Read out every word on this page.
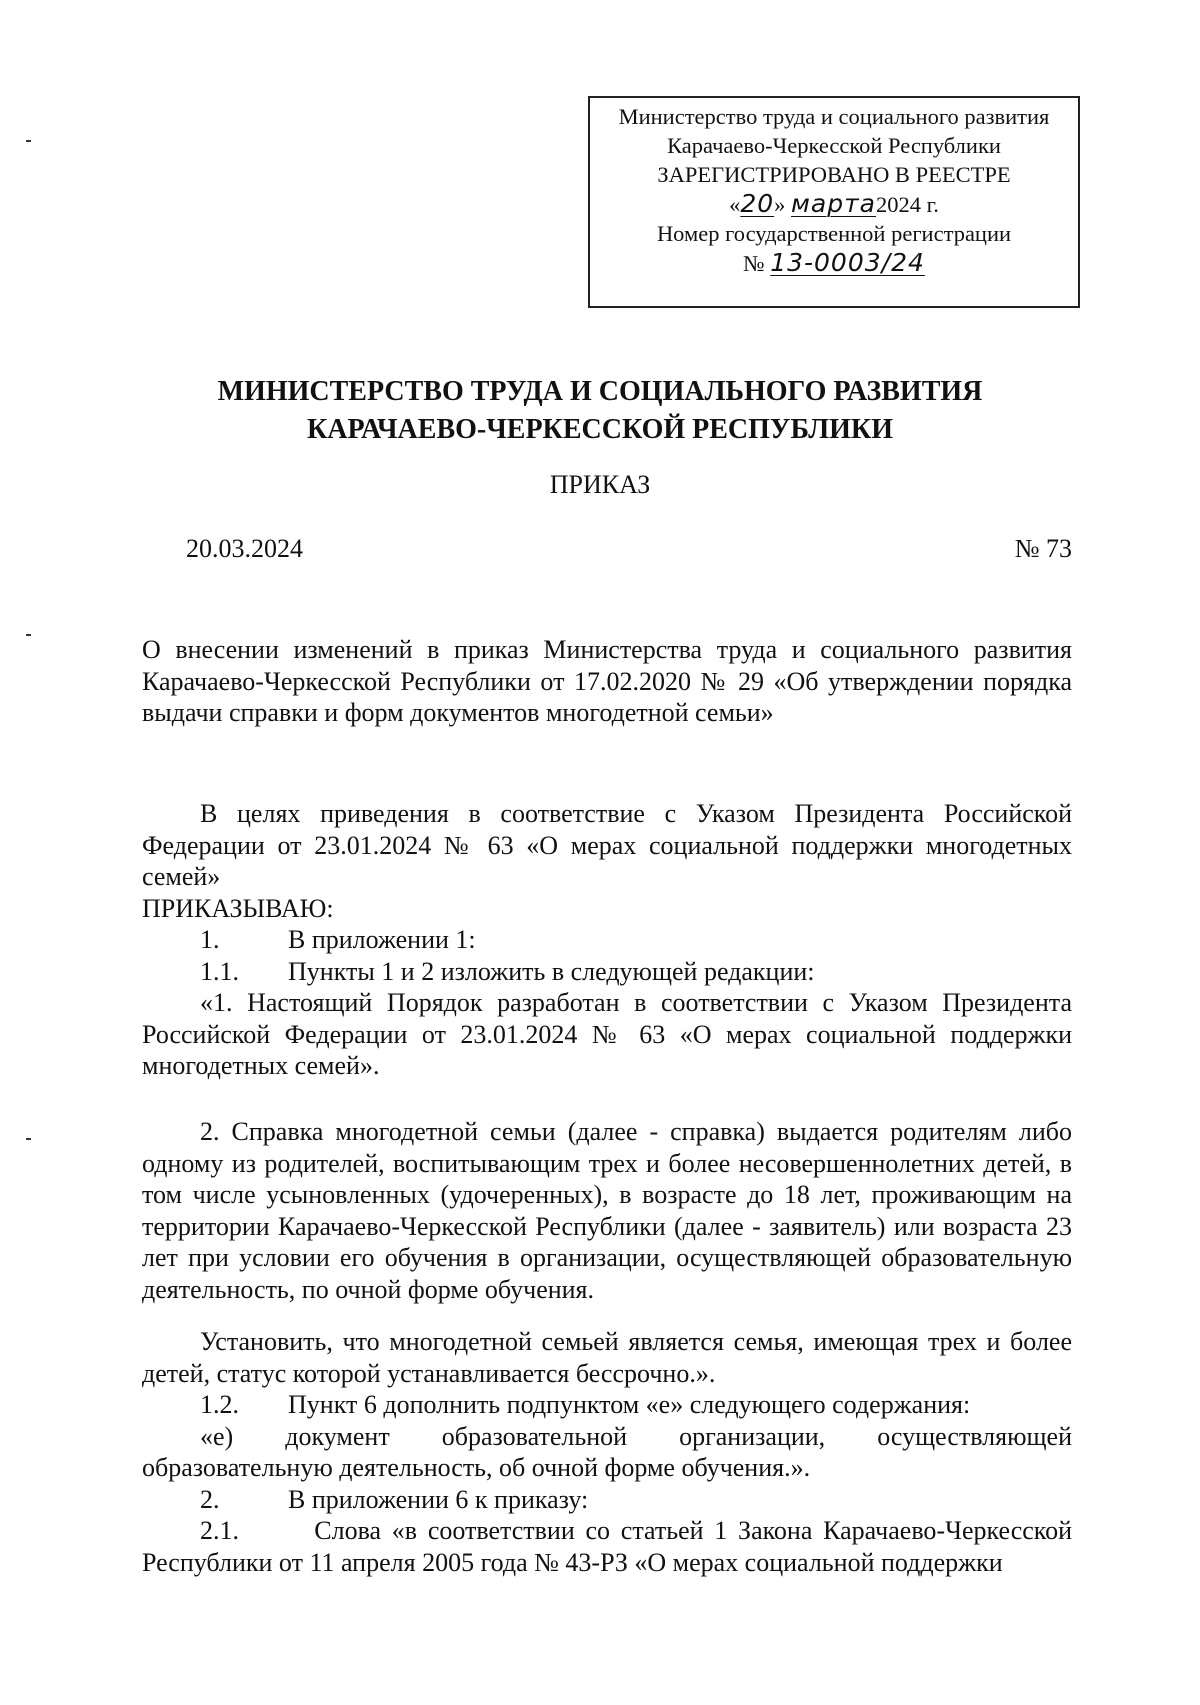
Министерство труда и социального развития
Карачаево-Черкесской Республики
ЗАРЕГИСТРИРОВАНО В РЕЕСТРЕ
«20» марта2024 г.
Номер государственной регистрации
№ 13-0003/24
МИНИСТЕРСТВО ТРУДА И СОЦИАЛЬНОГО РАЗВИТИЯ
КАРАЧАЕВО-ЧЕРКЕССКОЙ РЕСПУБЛИКИ
ПРИКАЗ
20.03.2024	№ 73

О внесении изменений в приказ Министерства труда и социального развития Карачаево-Черкесской Республики от 17.02.2020 № 29 «Об утверждении порядка выдачи справки и форм документов многодетной семьи»

В целях приведения в соответствие с Указом Президента Российской Федерации от 23.01.2024 № 63 «О мерах социальной поддержки многодетных семей»

ПРИКАЗЫВАЮ:

1.	В приложении 1:
1.1.	Пункты 1 и 2 изложить в следующей редакции:

«1. Настоящий Порядок разработан в соответствии с Указом Президента Российской Федерации от 23.01.2024 № 63 «О мерах социальной поддержки многодетных семей».

2. Справка многодетной семьи (далее - справка) выдается родителям либо одному из родителей, воспитывающим трех и более несовершеннолетних детей, в том числе усыновленных (удочеренных), в возрасте до 18 лет, проживающим на территории Карачаево-Черкесской Республики (далее - заявитель) или возраста 23 лет при условии его обучения в организации, осуществляющей образовательную деятельность, по очной форме обучения.

Установить, что многодетной семьей является семья, имеющая трех и более детей, статус которой устанавливается бессрочно.».

1.2.	Пункт 6 дополнить подпунктом «е» следующего содержания:

«е) документ образовательной организации, осуществляющей образовательную деятельность, об очной форме обучения.».

2.	В приложении 6 к приказу:

2.1.	Слова «в соответствии со статьей 1 Закона Карачаево-Черкесской Республики от 11 апреля 2005 года № 43-РЗ «О мерах социальной поддержки
